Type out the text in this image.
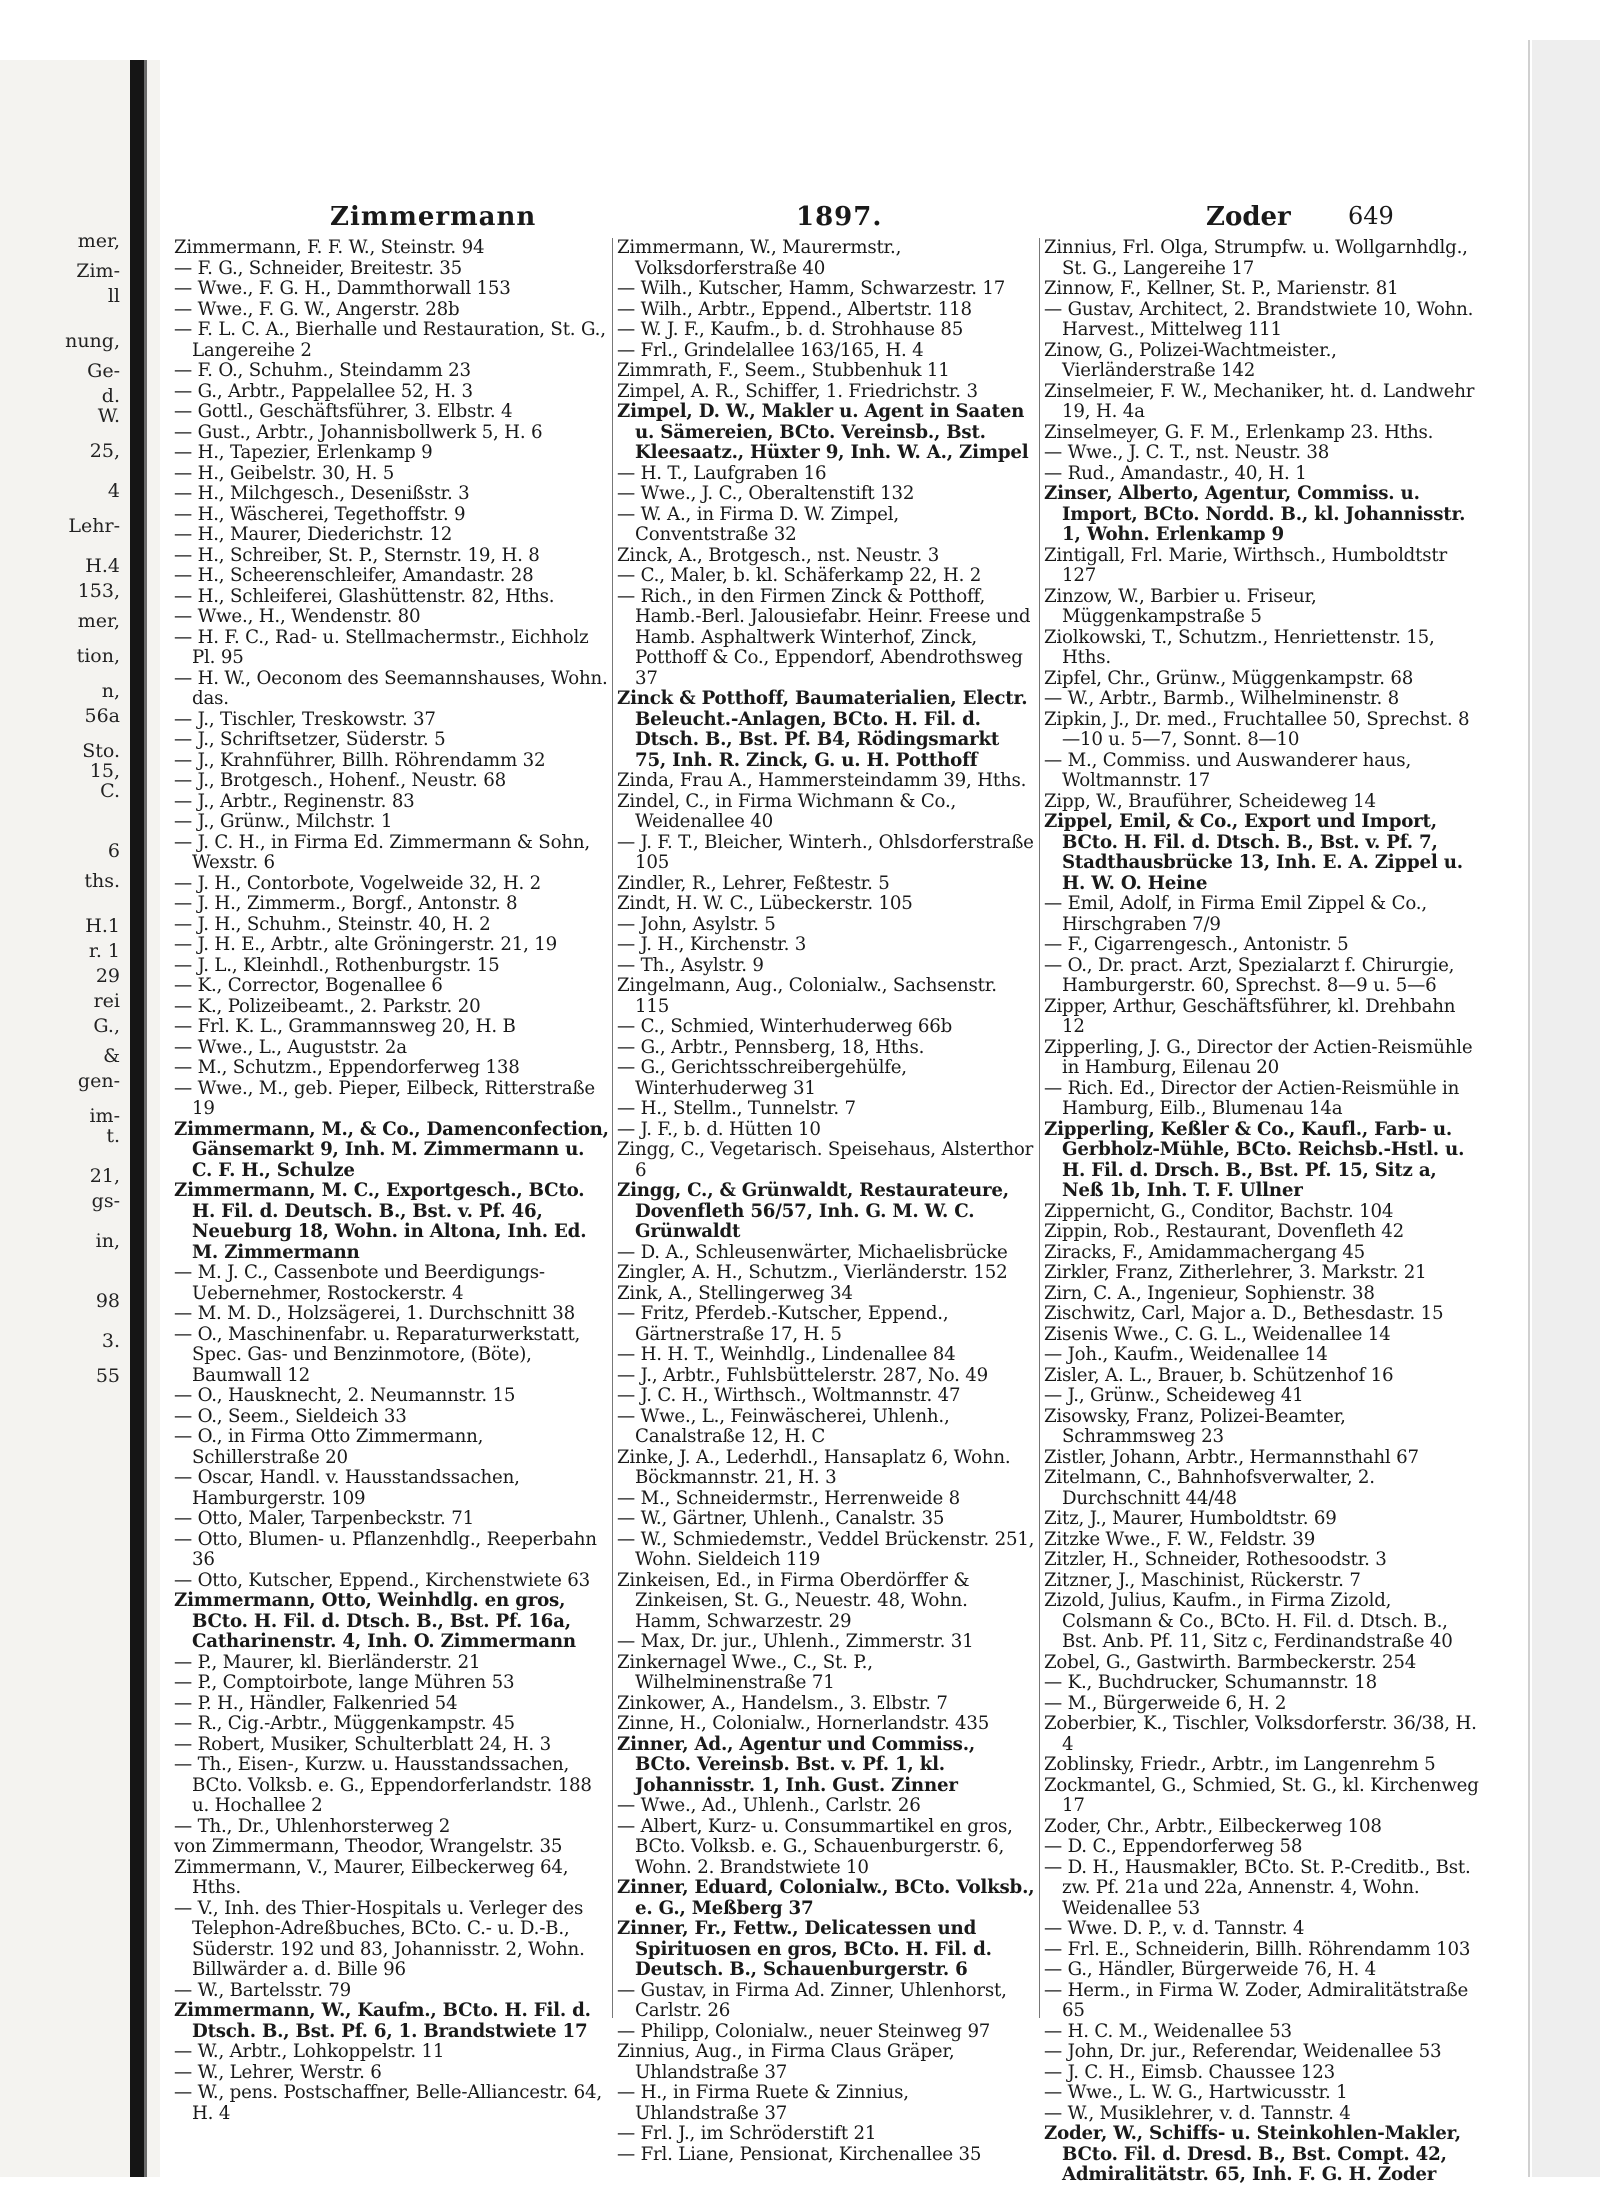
mer,
Zim-
ll
nung,
Ge-
d.
W.
25,
4
Lehr-
H.4
153,
mer,
tion,
n,
56a
Sto.
15,
C.
6
ths.
H.1
r. 1
29
rei
G.,
&
gen-
im-
t.
21,
gs-
in,
98
3.
55
Zimmermann	1897.	Zoder 649

Zimmermann, F. F. W., Steinstr. 94

— F. G., Schneider, Breitestr. 35

— Wwe., F. G. H., Dammthorwall 153

— Wwe., F. G. W., Angerstr. 28b

— F. L. C. A., Bierhalle und Restauration, St. G., Langereihe 2

— F. O., Schuhm., Steindamm 23

— G., Arbtr., Pappelallee 52, H. 3

— Gottl., Geschäftsführer, 3. Elbstr. 4

— Gust., Arbtr., Johannisbollwerk 5, H. 6

— H., Tapezier, Erlenkamp 9

— H., Geibelstr. 30, H. 5

— H., Milchgesch., Desenißstr. 3

— H., Wäscherei, Tegethoffstr. 9

— H., Maurer, Diederichstr. 12

— H., Schreiber, St. P., Sternstr. 19, H. 8

— H., Scheerenschleifer, Amandastr. 28

— H., Schleiferei, Glashüttenstr. 82, Hths.

— Wwe., H., Wendenstr. 80

— H. F. C., Rad- u. Stellmachermstr., Eichholz Pl. 95

— H. W., Oeconom des Seemannshauses, Wohn. das.

— J., Tischler, Treskowstr. 37

— J., Schriftsetzer, Süderstr. 5

— J., Krahnführer, Billh. Röhrendamm 32

— J., Brotgesch., Hohenf., Neustr. 68

— J., Arbtr., Reginenstr. 83

— J., Grünw., Milchstr. 1

— J. C. H., in Firma Ed. Zimmermann & Sohn, Wexstr. 6

— J. H., Contorbote, Vogelweide 32, H. 2

— J. H., Zimmerm., Borgf., Antonstr. 8

— J. H., Schuhm., Steinstr. 40, H. 2

— J. H. E., Arbtr., alte Gröningerstr. 21, 19

— J. L., Kleinhdl., Rothenburgstr. 15

— K., Corrector, Bogenallee 6

— K., Polizeibeamt., 2. Parkstr. 20

— Frl. K. L., Grammannsweg 20, H. B

— Wwe., L., Auguststr. 2a

— M., Schutzm., Eppendorferweg 138

— Wwe., M., geb. Pieper, Eilbeck, Ritterstraße 19

Zimmermann, M., & Co., Damenconfection, Gänsemarkt 9, Inh. M. Zimmermann u. C. F. H., Schulze

Zimmermann, M. C., Exportgesch., BCto. H. Fil. d. Deutsch. B., Bst. v. Pf. 46, Neueburg 18, Wohn. in Altona, Inh. Ed. M. Zimmermann

— M. J. C., Cassenbote und Beerdigungs-Uebernehmer, Rostockerstr. 4

— M. M. D., Holzsägerei, 1. Durchschnitt 38

— O., Maschinenfabr. u. Reparaturwerkstatt, Spec. Gas- und Benzinmotore, (Böte), Baumwall 12

— O., Hausknecht, 2. Neumannstr. 15

— O., Seem., Sieldeich 33

— O., in Firma Otto Zimmermann, Schillerstraße 20

— Oscar, Handl. v. Hausstandssachen, Hamburgerstr. 109

— Otto, Maler, Tarpenbeckstr. 71

— Otto, Blumen- u. Pflanzenhdlg., Reeperbahn 36

— Otto, Kutscher, Eppend., Kirchenstwiete 63

Zimmermann, Otto, Weinhdlg. en gros, BCto. H. Fil. d. Dtsch. B., Bst. Pf. 16a, Catharinenstr. 4, Inh. O. Zimmermann

— P., Maurer, kl. Bierländerstr. 21

— P., Comptoirbote, lange Mühren 53

— P. H., Händler, Falkenried 54

— R., Cig.-Arbtr., Müggenkampstr. 45

— Robert, Musiker, Schulterblatt 24, H. 3

— Th., Eisen-, Kurzw. u. Hausstandssachen, BCto. Volksb. e. G., Eppendorferlandstr. 188 u. Hochallee 2

— Th., Dr., Uhlenhorsterweg 2

von Zimmermann, Theodor, Wrangelstr. 35

Zimmermann, V., Maurer, Eilbeckerweg 64, Hths.

— V., Inh. des Thier-Hospitals u. Verleger des Telephon-Adreßbuches, BCto. C.- u. D.-B., Süderstr. 192 und 83, Johannisstr. 2, Wohn. Billwärder a. d. Bille 96

— W., Bartelsstr. 79

Zimmermann, W., Kaufm., BCto. H. Fil. d. Dtsch. B., Bst. Pf. 6, 1. Brandstwiete 17

— W., Arbtr., Lohkoppelstr. 11

— W., Lehrer, Werstr. 6

— W., pens. Postschaffner, Belle-Alliancestr. 64, H. 4

Zimmermann, W., Maurermstr., Volksdorferstraße 40

— Wilh., Kutscher, Hamm, Schwarzestr. 17

— Wilh., Arbtr., Eppend., Albertstr. 118

— W. J. F., Kaufm., b. d. Strohhause 85

— Frl., Grindelallee 163/165, H. 4

Zimmrath, F., Seem., Stubbenhuk 11

Zimpel, A. R., Schiffer, 1. Friedrichstr. 3

Zimpel, D. W., Makler u. Agent in Saaten u. Sämereien, BCto. Vereinsb., Bst. Kleesaatz., Hüxter 9, Inh. W. A., Zimpel

— H. T., Laufgraben 16

— Wwe., J. C., Oberaltenstift 132

— W. A., in Firma D. W. Zimpel, Conventstraße 32

Zinck, A., Brotgesch., nst. Neustr. 3

— C., Maler, b. kl. Schäferkamp 22, H. 2

— Rich., in den Firmen Zinck & Potthoff, Hamb.-Berl. Jalousiefabr. Heinr. Freese und Hamb. Asphaltwerk Winterhof, Zinck, Potthoff & Co., Eppendorf, Abendrothsweg 37

Zinck & Potthoff, Baumaterialien, Electr. Beleucht.-Anlagen, BCto. H. Fil. d. Dtsch. B., Bst. Pf. B4, Rödingsmarkt 75, Inh. R. Zinck, G. u. H. Potthoff

Zinda, Frau A., Hammersteindamm 39, Hths.

Zindel, C., in Firma Wichmann & Co., Weidenallee 40

— J. F. T., Bleicher, Winterh., Ohlsdorferstraße 105

Zindler, R., Lehrer, Feßtestr. 5

Zindt, H. W. C., Lübeckerstr. 105

— John, Asylstr. 5

— J. H., Kirchenstr. 3

— Th., Asylstr. 9

Zingelmann, Aug., Colonialw., Sachsenstr. 115

— C., Schmied, Winterhuderweg 66b

— G., Arbtr., Pennsberg, 18, Hths.

— G., Gerichtsschreibergehülfe, Winterhuderweg 31

— H., Stellm., Tunnelstr. 7

— J. F., b. d. Hütten 10

Zingg, C., Vegetarisch. Speisehaus, Alsterthor 6

Zingg, C., & Grünwaldt, Restaurateure, Dovenfleth 56/57, Inh. G. M. W. C. Grünwaldt

— D. A., Schleusenwärter, Michaelisbrücke

Zingler, A. H., Schutzm., Vierländerstr. 152

Zink, A., Stellingerweg 34

— Fritz, Pferdeb.-Kutscher, Eppend., Gärtnerstraße 17, H. 5

— H. H. T., Weinhdlg., Lindenallee 84

— J., Arbtr., Fuhlsbüttelerstr. 287, No. 49

— J. C. H., Wirthsch., Woltmannstr. 47

— Wwe., L., Feinwäscherei, Uhlenh., Canalstraße 12, H. C

Zinke, J. A., Lederhdl., Hansaplatz 6, Wohn. Böckmannstr. 21, H. 3

— M., Schneidermstr., Herrenweide 8

— W., Gärtner, Uhlenh., Canalstr. 35

— W., Schmiedemstr., Veddel Brückenstr. 251, Wohn. Sieldeich 119

Zinkeisen, Ed., in Firma Oberdörffer & Zinkeisen, St. G., Neuestr. 48, Wohn. Hamm, Schwarzestr. 29

— Max, Dr. jur., Uhlenh., Zimmerstr. 31

Zinkernagel Wwe., C., St. P., Wilhelminenstraße 71

Zinkower, A., Handelsm., 3. Elbstr. 7

Zinne, H., Colonialw., Hornerlandstr. 435

Zinner, Ad., Agentur und Commiss., BCto. Vereinsb. Bst. v. Pf. 1, kl. Johannisstr. 1, Inh. Gust. Zinner

— Wwe., Ad., Uhlenh., Carlstr. 26

— Albert, Kurz- u. Consummartikel en gros, BCto. Volksb. e. G., Schauenburgerstr. 6, Wohn. 2. Brandstwiete 10

Zinner, Eduard, Colonialw., BCto. Volksb., e. G., Meßberg 37

Zinner, Fr., Fettw., Delicatessen und Spirituosen en gros, BCto. H. Fil. d. Deutsch. B., Schauenburgerstr. 6

— Gustav, in Firma Ad. Zinner, Uhlenhorst, Carlstr. 26

— Philipp, Colonialw., neuer Steinweg 97

Zinnius, Aug., in Firma Claus Gräper, Uhlandstraße 37

— H., in Firma Ruete & Zinnius, Uhlandstraße 37

— Frl. J., im Schröderstift 21

— Frl. Liane, Pensionat, Kirchenallee 35

Zinnius, Frl. Olga, Strumpfw. u. Wollgarnhdlg., St. G., Langereihe 17

Zinnow, F., Kellner, St. P., Marienstr. 81

— Gustav, Architect, 2. Brandstwiete 10, Wohn. Harvest., Mittelweg 111

Zinow, G., Polizei-Wachtmeister., Vierländerstraße 142

Zinselmeier, F. W., Mechaniker, ht. d. Landwehr 19, H. 4a

Zinselmeyer, G. F. M., Erlenkamp 23. Hths.

— Wwe., J. C. T., nst. Neustr. 38

— Rud., Amandastr., 40, H. 1

Zinser, Alberto, Agentur, Commiss. u. Import, BCto. Nordd. B., kl. Johannisstr. 1, Wohn. Erlenkamp 9

Zintigall, Frl. Marie, Wirthsch., Humboldtstr 127

Zinzow, W., Barbier u. Friseur, Müggenkampstraße 5

Ziolkowski, T., Schutzm., Henriettenstr. 15, Hths.

Zipfel, Chr., Grünw., Müggenkampstr. 68

— W., Arbtr., Barmb., Wilhelminenstr. 8

Zipkin, J., Dr. med., Fruchtallee 50, Sprechst. 8—10 u. 5—7, Sonnt. 8—10

— M., Commiss. und Auswanderer haus, Woltmannstr. 17

Zipp, W., Brauführer, Scheideweg 14

Zippel, Emil, & Co., Export und Import, BCto. H. Fil. d. Dtsch. B., Bst. v. Pf. 7, Stadthausbrücke 13, Inh. E. A. Zippel u. H. W. O. Heine

— Emil, Adolf, in Firma Emil Zippel & Co., Hirschgraben 7/9

— F., Cigarrengesch., Antonistr. 5

— O., Dr. pract. Arzt, Spezialarzt f. Chirurgie, Hamburgerstr. 60, Sprechst. 8—9 u. 5—6

Zipper, Arthur, Geschäftsführer, kl. Drehbahn 12

Zipperling, J. G., Director der Actien-Reismühle in Hamburg, Eilenau 20

— Rich. Ed., Director der Actien-Reismühle in Hamburg, Eilb., Blumenau 14a

Zipperling, Keßler & Co., Kaufl., Farb- u. Gerbholz-Mühle, BCto. Reichsb.-Hstl. u. H. Fil. d. Drsch. B., Bst. Pf. 15, Sitz a, Neß 1b, Inh. T. F. Ullner

Zippernicht, G., Conditor, Bachstr. 104

Zippin, Rob., Restaurant, Dovenfleth 42

Ziracks, F., Amidammachergang 45

Zirkler, Franz, Zitherlehrer, 3. Markstr. 21

Zirn, C. A., Ingenieur, Sophienstr. 38

Zischwitz, Carl, Major a. D., Bethesdastr. 15

Zisenis Wwe., C. G. L., Weidenallee 14

— Joh., Kaufm., Weidenallee 14

Zisler, A. L., Brauer, b. Schützenhof 16

— J., Grünw., Scheideweg 41

Zisowsky, Franz, Polizei-Beamter, Schrammsweg 23

Zistler, Johann, Arbtr., Hermannsthahl 67

Zitelmann, C., Bahnhofsverwalter, 2. Durchschnitt 44/48

Zitz, J., Maurer, Humboldtstr. 69

Zitzke Wwe., F. W., Feldstr. 39

Zitzler, H., Schneider, Rothesoodstr. 3

Zitzner, J., Maschinist, Rückerstr. 7

Zizold, Julius, Kaufm., in Firma Zizold, Colsmann & Co., BCto. H. Fil. d. Dtsch. B., Bst. Anb. Pf. 11, Sitz c, Ferdinandstraße 40

Zobel, G., Gastwirth. Barmbeckerstr. 254

— K., Buchdrucker, Schumannstr. 18

— M., Bürgerweide 6, H. 2

Zoberbier, K., Tischler, Volksdorferstr. 36/38, H. 4

Zoblinsky, Friedr., Arbtr., im Langenrehm 5

Zockmantel, G., Schmied, St. G., kl. Kirchenweg 17

Zoder, Chr., Arbtr., Eilbeckerweg 108

— D. C., Eppendorferweg 58

— D. H., Hausmakler, BCto. St. P.-Creditb., Bst. zw. Pf. 21a und 22a, Annenstr. 4, Wohn. Weidenallee 53

— Wwe. D. P., v. d. Tannstr. 4

— Frl. E., Schneiderin, Billh. Röhrendamm 103

— G., Händler, Bürgerweide 76, H. 4

— Herm., in Firma W. Zoder, Admiralitätstraße 65

— H. C. M., Weidenallee 53

— John, Dr. jur., Referendar, Weidenallee 53

— J. C. H., Eimsb. Chaussee 123

— Wwe., L. W. G., Hartwicusstr. 1

— W., Musiklehrer, v. d. Tannstr. 4

Zoder, W., Schiffs- u. Steinkohlen-Makler, BCto. Fil. d. Dresd. B., Bst. Compt. 42, Admiralitätstr. 65, Inh. F. G. H. Zoder
